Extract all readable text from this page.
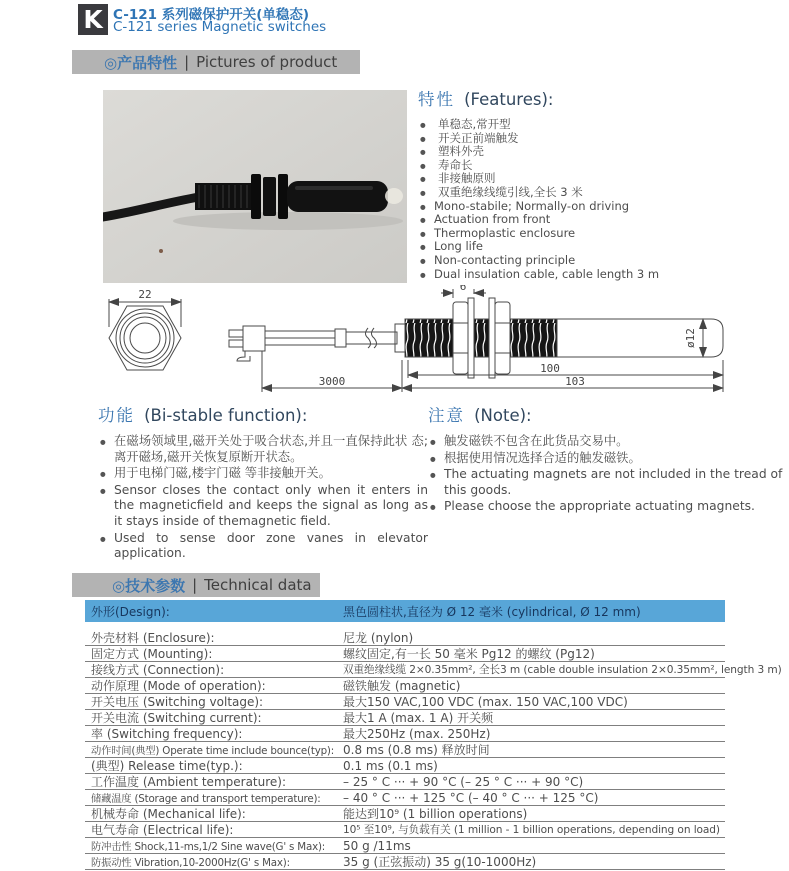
K C-121 系列磁保护开关(单稳态)
C-121 series Magnetic switches
◎产品特性 | Pictures of product
特性 (Features):
● 单稳态,常开型
● 开关正前端触发
● 塑料外壳
● 寿命长
● 非接触原则
● 双重绝缘线缆引线,全长 3 米
● Mono-stabile; Normally-on driving
● Actuation from front
● Thermoplastic enclosure
● Long life
● Non-contacting principle
● Dual insulation cable, cable length 3 m
22
6
ø12
3000
100
103
功能 (Bi-stable function):
● 在磁场领域里,磁开关处于吸合状态,并且一直保持此状 态; 离开磁场,磁开关恢复原断开状态。
● 用于电梯门磁,楼宇门磁 等非接触开关。
● Sensor closes the contact only when it enters in the magneticfield and keeps the signal as long as it stays inside of themagnetic field.
● Used to sense door zone vanes in elevator application.
注意 (Note):
● 触发磁铁不包含在此货品交易中。
● 根据使用情况选择合适的触发磁铁。
● The actuating magnets are not included in the tread of this goods.
● Please choose the appropriate actuating magnets.
◎技术参数 | Technical data
外形(Design):	黑色圆柱状,直径为 Ø 12 毫米 (cylindrical, Ø 12 mm)
外壳材料 (Enclosure):	尼龙 (nylon)
固定方式 (Mounting):	螺纹固定,有一长 50 毫米 Pg12 的螺纹 (Pg12)
接线方式 (Connection):	双重绝缘线缆 2×0.35mm², 全长3 m (cable double insulation 2×0.35mm², length 3 m)
动作原理 (Mode of operation):	磁铁触发 (magnetic)
开关电压 (Switching voltage):	最大150 VAC,100 VDC (max. 150 VAC,100 VDC)
开关电流 (Switching current):	最大1 A (max. 1 A) 开关频
率 (Switching frequency):	最大250Hz (max. 250Hz)
动作时间(典型) Operate time include bounce(typ): 0.8 ms (0.8 ms) 释放时间
(典型) Release time(typ.):	0.1 ms (0.1 ms)
工作温度 (Ambient temperature):	– 25 ° C ··· + 90 °C (– 25 ° C ··· + 90 °C)
储藏温度 (Storage and transport temperature):	– 40 ° C ··· + 125 °C (– 40 ° C ··· + 125 °C)
机械寿命 (Mechanical life):	能达到10⁹ (1 billion operations)
电气寿命 (Electrical life):	10⁵ 至10⁹, 与负载有关 (1 million - 1 billion operations, depending on load)
防冲击性 Shock,11-ms,1/2 Sine wave(G' s Max):	50 g /11ms
防振动性 Vibration,10-2000Hz(G' s Max):	35 g (正弦振动) 35 g(10-1000Hz)
